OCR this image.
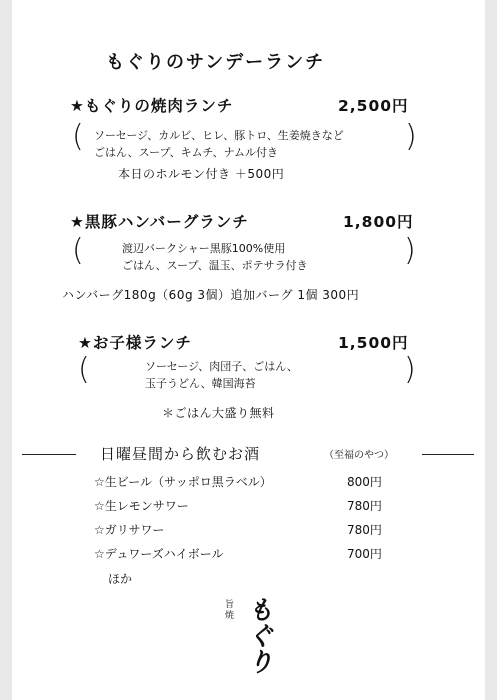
もぐりのサンデーランチ
★もぐりの焼肉ランチ	2,500円
( ソーセージ、カルビ、ヒレ、豚トロ、生姜焼きなど
ごはん、スープ、キムチ、ナムル付き	)
本日のホルモン付き ＋500円
★黒豚ハンバーグランチ	1,800円
(	渡辺バークシャー黒豚100%使用
ごはん、スープ、温玉、ポテサラ付き	)
ハンバーグ180g（60g 3個）追加バーグ 1個 300円
★お子様ランチ	1,500円
(	ソーセージ、肉団子、ごはん、
玉子うどん、韓国海苔	)
＊ごはん大盛り無料
日曜昼間から飲むお酒	（至福のやつ）
☆生ビール（サッポロ黒ラベル）	800円
☆生レモンサワー	780円
☆ガリサワー	780円
☆デュワーズハイボール	700円
ほか
旨焼 もぐり
